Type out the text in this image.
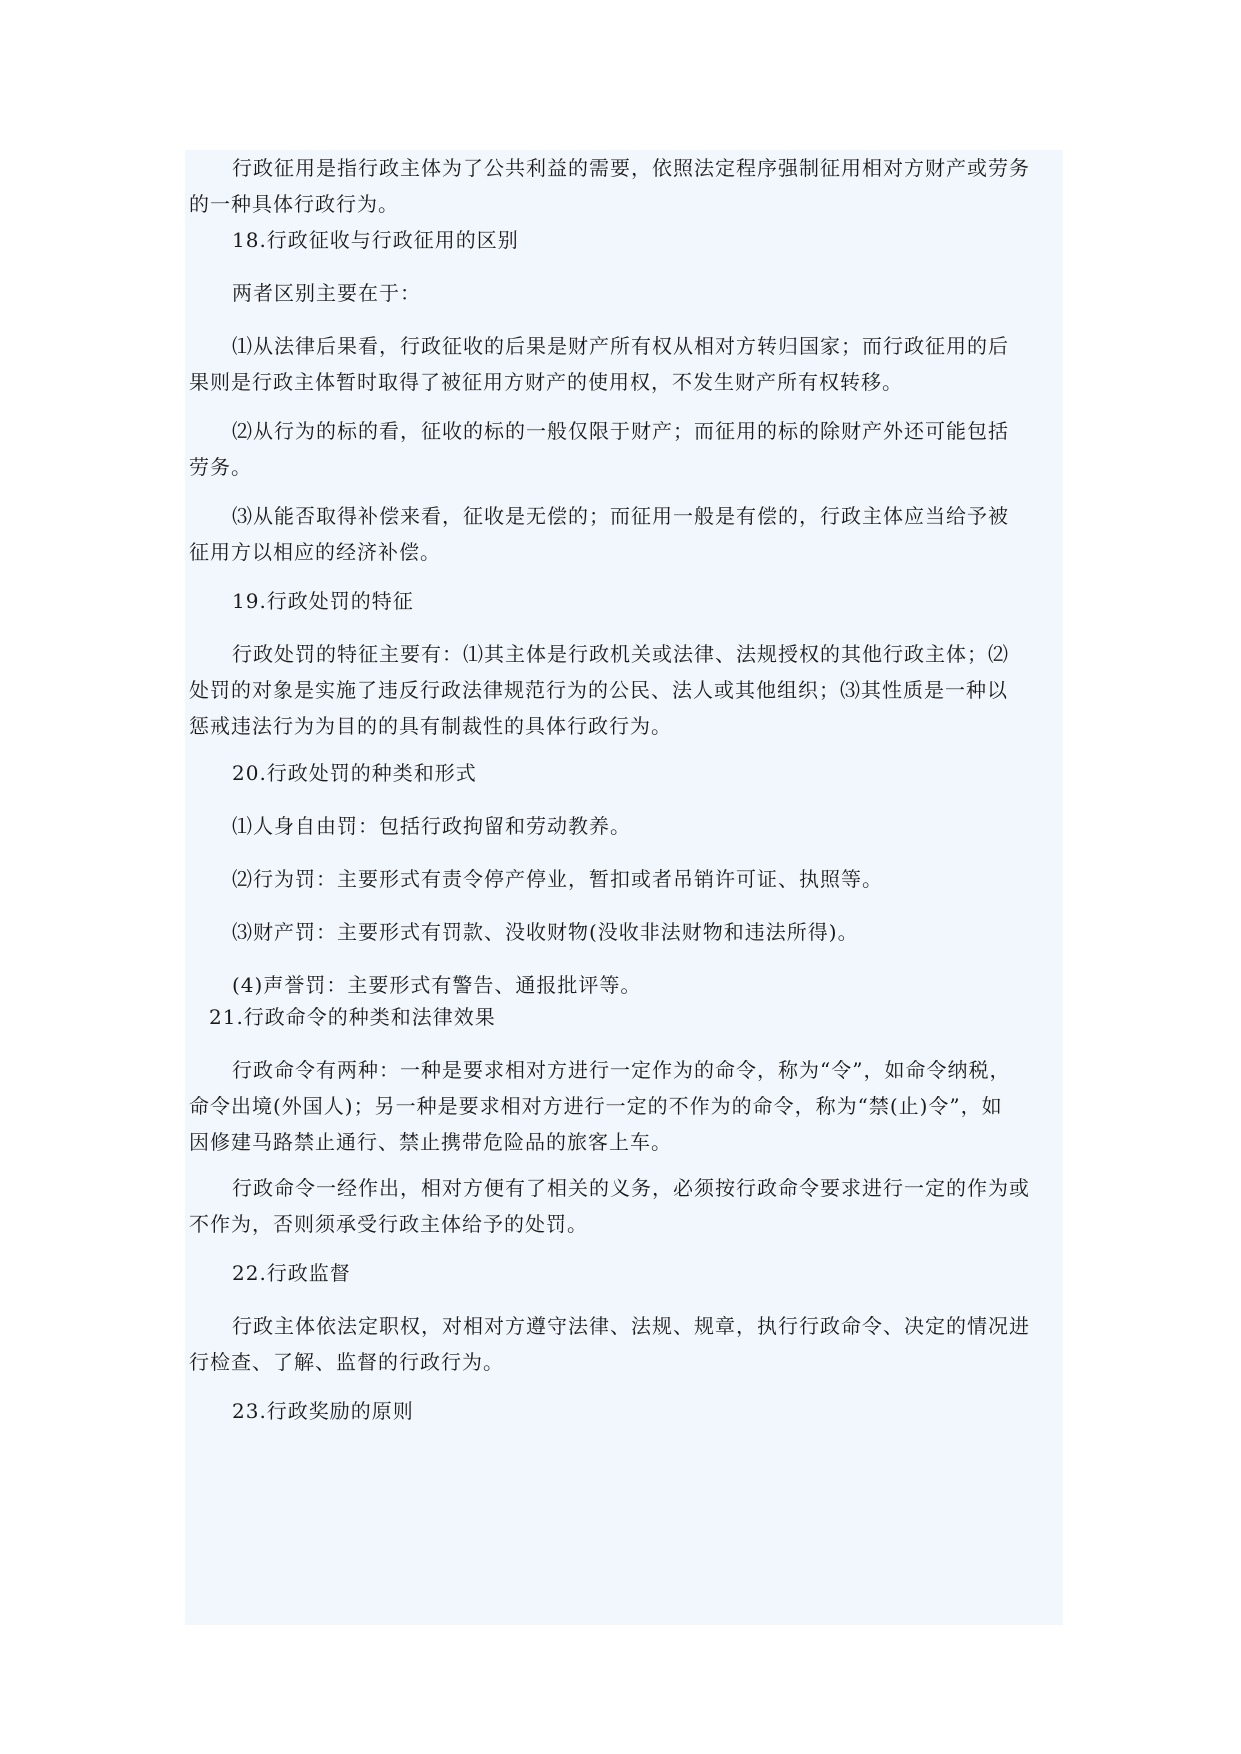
行政征用是指行政主体为了公共利益的需要，依照法定程序强制征用相对方财产或劳务
的一种具体行政行为。
18.行政征收与行政征用的区别
两者区别主要在于：
⑴从法律后果看，行政征收的后果是财产所有权从相对方转归国家；而行政征用的后
果则是行政主体暂时取得了被征用方财产的使用权，不发生财产所有权转移。
⑵从行为的标的看，征收的标的一般仅限于财产；而征用的标的除财产外还可能包括
劳务。
⑶从能否取得补偿来看，征收是无偿的；而征用一般是有偿的，行政主体应当给予被
征用方以相应的经济补偿。
19.行政处罚的特征
行政处罚的特征主要有：⑴其主体是行政机关或法律、法规授权的其他行政主体；⑵
处罚的对象是实施了违反行政法律规范行为的公民、法人或其他组织；⑶其性质是一种以
惩戒违法行为为目的的具有制裁性的具体行政行为。
20.行政处罚的种类和形式
⑴人身自由罚：包括行政拘留和劳动教养。
⑵行为罚：主要形式有责令停产停业，暂扣或者吊销许可证、执照等。
⑶财产罚：主要形式有罚款、没收财物(没收非法财物和违法所得)。
(4)声誉罚：主要形式有警告、通报批评等。
21.行政命令的种类和法律效果
行政命令有两种：一种是要求相对方进行一定作为的命令，称为“令”，如命令纳税，
命令出境(外国人)；另一种是要求相对方进行一定的不作为的命令，称为“禁(止)令”，如
因修建马路禁止通行、禁止携带危险品的旅客上车。
行政命令一经作出，相对方便有了相关的义务，必须按行政命令要求进行一定的作为或
不作为，否则须承受行政主体给予的处罚。
22.行政监督
行政主体依法定职权，对相对方遵守法律、法规、规章，执行行政命令、决定的情况进
行检查、了解、监督的行政行为。
23.行政奖励的原则
